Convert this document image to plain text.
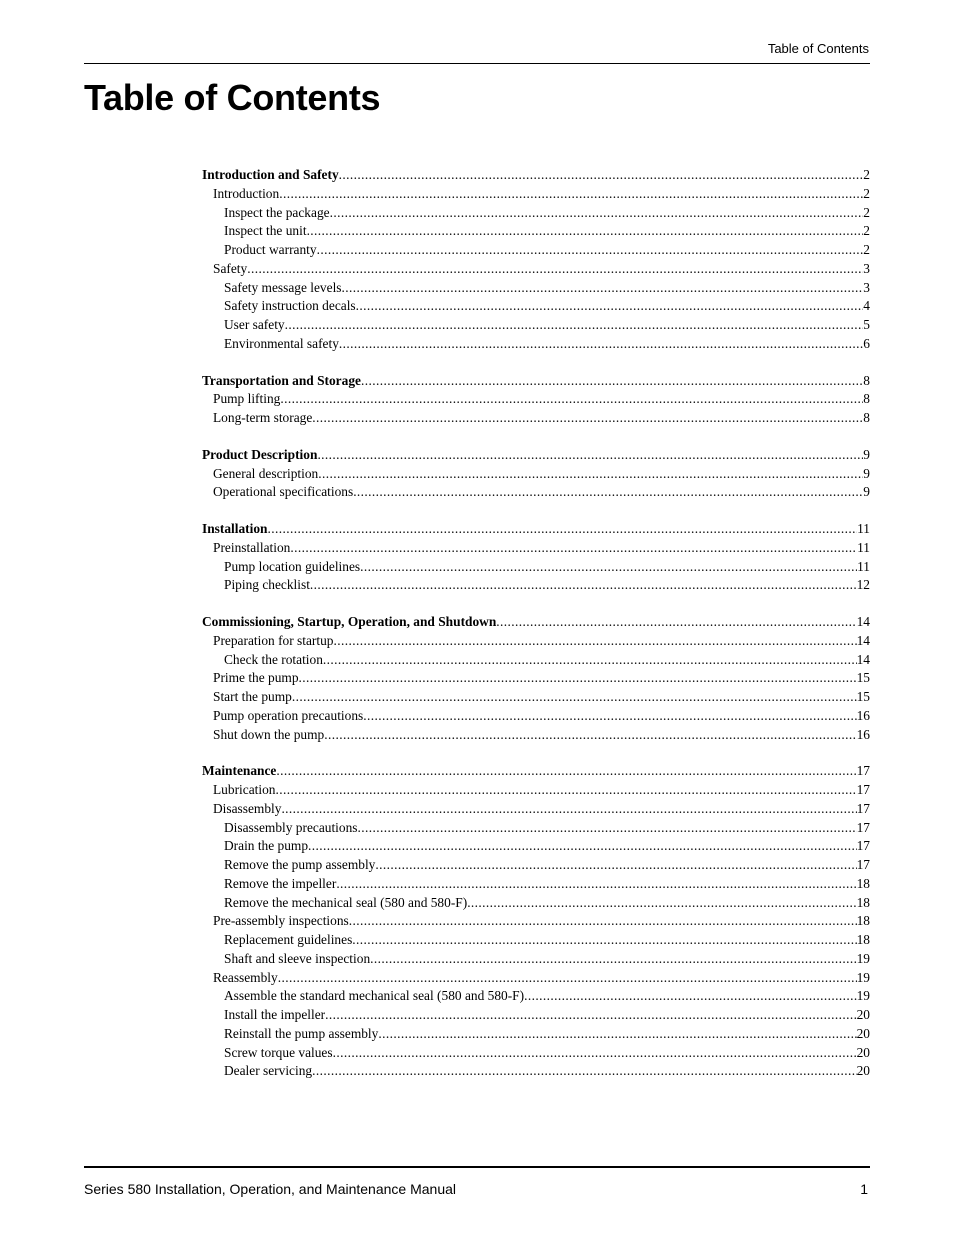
Table of Contents
Table of Contents
Introduction and Safety .....	2
Introduction .....	2
Inspect the package .....	2
Inspect the unit .....	2
Product warranty .....	2
Safety .....	3
Safety message levels .....	3
Safety instruction decals .....	4
User safety .....	5
Environmental safety .....	6
Transportation and Storage .....	8
Pump lifting .....	8
Long-term storage .....	8
Product Description .....	9
General description .....	9
Operational specifications .....	9
Installation .....	11
Preinstallation .....	11
Pump location guidelines .....	11
Piping checklist .....	12
Commissioning, Startup, Operation, and Shutdown .....	14
Preparation for startup .....	14
Check the rotation .....	14
Prime the pump .....	15
Start the pump .....	15
Pump operation precautions .....	16
Shut down the pump .....	16
Maintenance .....	17
Lubrication .....	17
Disassembly .....	17
Disassembly precautions .....	17
Drain the pump .....	17
Remove the pump assembly .....	17
Remove the impeller .....	18
Remove the mechanical seal (580 and 580-F) .....	18
Pre-assembly inspections .....	18
Replacement guidelines .....	18
Shaft and sleeve inspection .....	19
Reassembly .....	19
Assemble the standard mechanical seal (580 and 580-F) .....	19
Install the impeller .....	20
Reinstall the pump assembly .....	20
Screw torque values .....	20
Dealer servicing .....	20
Series 580 Installation, Operation, and Maintenance Manual	1
